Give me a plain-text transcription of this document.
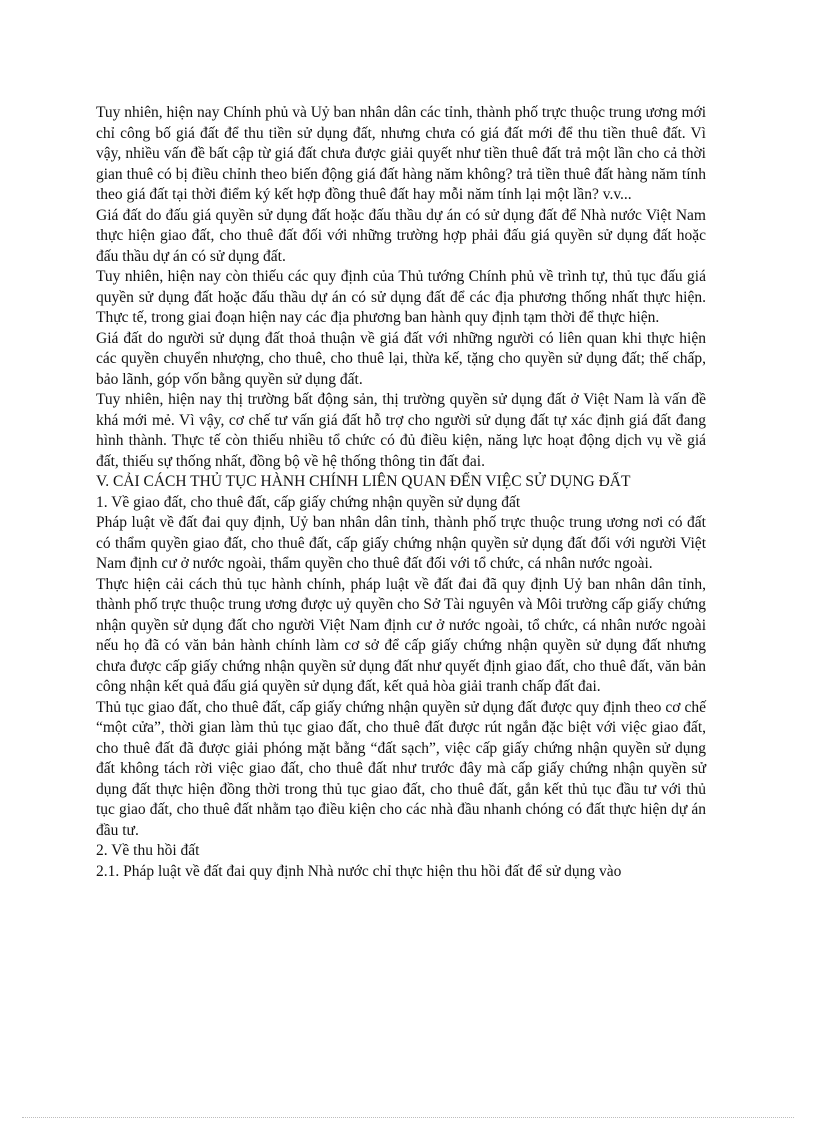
Tuy nhiên, hiện nay Chính phủ và Uỷ ban nhân dân các tỉnh, thành phố trực thuộc trung ương mới chỉ công bố giá đất để thu tiền sử dụng đất, nhưng chưa có giá đất mới để thu tiền thuê đất. Vì vậy, nhiều vấn đề bất cập từ giá đất chưa được giải quyết như tiền thuê đất trả một lần cho cả thời gian thuê có bị điều chỉnh theo biến động giá đất hàng năm không? trả tiền thuê đất hàng năm tính theo giá đất tại thời điểm ký kết hợp đồng thuê đất hay mỗi năm tính lại một lần? v.v...

Giá đất do đấu giá quyền sử dụng đất hoặc đấu thầu dự án có sử dụng đất để Nhà nước Việt Nam thực hiện giao đất, cho thuê đất đối với những trường hợp phải đấu giá quyền sử dụng đất hoặc đấu thầu dự án có sử dụng đất.

Tuy nhiên, hiện nay còn thiếu các quy định của Thủ tướng Chính phủ về trình tự, thủ tục đấu giá quyền sử dụng đất hoặc đấu thầu dự án có sử dụng đất để các địa phương thống nhất thực hiện. Thực tế, trong giai đoạn hiện nay các địa phương ban hành quy định tạm thời để thực hiện.

Giá đất do người sử dụng đất thoả thuận về giá đất với những người có liên quan khi thực hiện các quyền chuyển nhượng, cho thuê, cho thuê lại, thừa kế, tặng cho quyền sử dụng đất; thế chấp, bảo lãnh, góp vốn bằng quyền sử dụng đất.

Tuy nhiên, hiện nay thị trường bất động sản, thị trường quyền sử dụng đất ở Việt Nam là vấn đề khá mới mẻ. Vì vậy, cơ chế tư vấn giá đất hỗ trợ cho người sử dụng đất tự xác định giá đất đang hình thành. Thực tế còn thiếu nhiều tổ chức có đủ điều kiện, năng lực hoạt động dịch vụ về giá đất, thiếu sự thống nhất, đồng bộ về hệ thống thông tin đất đai.

V. CẢI CÁCH THỦ TỤC HÀNH CHÍNH LIÊN QUAN ĐẾN VIỆC SỬ DỤNG ĐẤT

1. Về giao đất, cho thuê đất, cấp giấy chứng nhận quyền sử dụng đất

Pháp luật về đất đai quy định, Uỷ ban nhân dân tỉnh, thành phố trực thuộc trung ương nơi có đất có thẩm quyền giao đất, cho thuê đất, cấp giấy chứng nhận quyền sử dụng đất đối với người Việt Nam định cư ở nước ngoài, thẩm quyền cho thuê đất đối với tổ chức, cá nhân nước ngoài.

Thực hiện cải cách thủ tục hành chính, pháp luật về đất đai đã quy định Uỷ ban nhân dân tỉnh, thành phố trực thuộc trung ương được uỷ quyền cho Sở Tài nguyên và Môi trường cấp giấy chứng nhận quyền sử dụng đất cho người Việt Nam định cư ở nước ngoài, tổ chức, cá nhân nước ngoài nếu họ đã có văn bản hành chính làm cơ sở để cấp giấy chứng nhận quyền sử dụng đất nhưng chưa được cấp giấy chứng nhận quyền sử dụng đất như quyết định giao đất, cho thuê đất, văn bản công nhận kết quả đấu giá quyền sử dụng đất, kết quả hòa giải tranh chấp đất đai.

Thủ tục giao đất, cho thuê đất, cấp giấy chứng nhận quyền sử dụng đất được quy định theo cơ chế “một cửa”, thời gian làm thủ tục giao đất, cho thuê đất được rút ngắn đặc biệt với việc giao đất, cho thuê đất đã được giải phóng mặt bằng “đất sạch”, việc cấp giấy chứng nhận quyền sử dụng đất không tách rời việc giao đất, cho thuê đất như trước đây mà cấp giấy chứng nhận quyền sử dụng đất thực hiện đồng thời trong thủ tục giao đất, cho thuê đất, gắn kết thủ tục đầu tư với thủ tục giao đất, cho thuê đất nhằm tạo điều kiện cho các nhà đầu nhanh chóng có đất thực hiện dự án đầu tư.

2. Về thu hồi đất

2.1. Pháp luật về đất đai quy định Nhà nước chỉ thực hiện thu hồi đất để sử dụng vào
